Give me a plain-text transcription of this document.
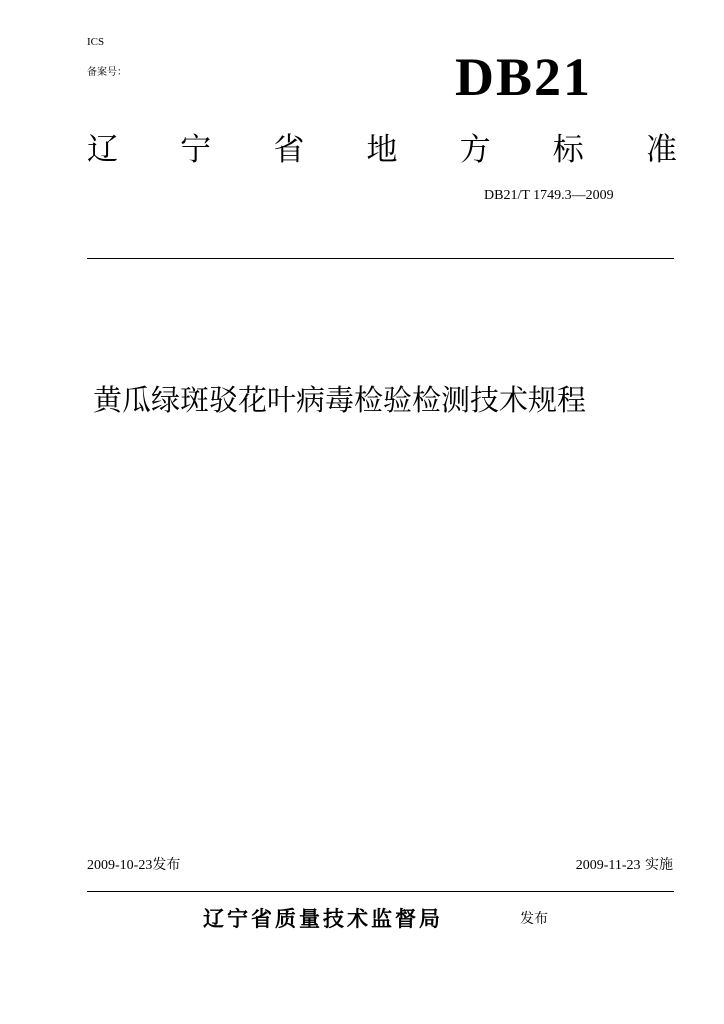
ICS
备案号：	DB21
辽 宁 省 地 方 标 准
DB21/T 1749.3—2009
黄瓜绿斑驳花叶病毒检验检测技术规程
2009-10-23发布	2009-11-23 实施
辽宁省质量技术监督局	发布
